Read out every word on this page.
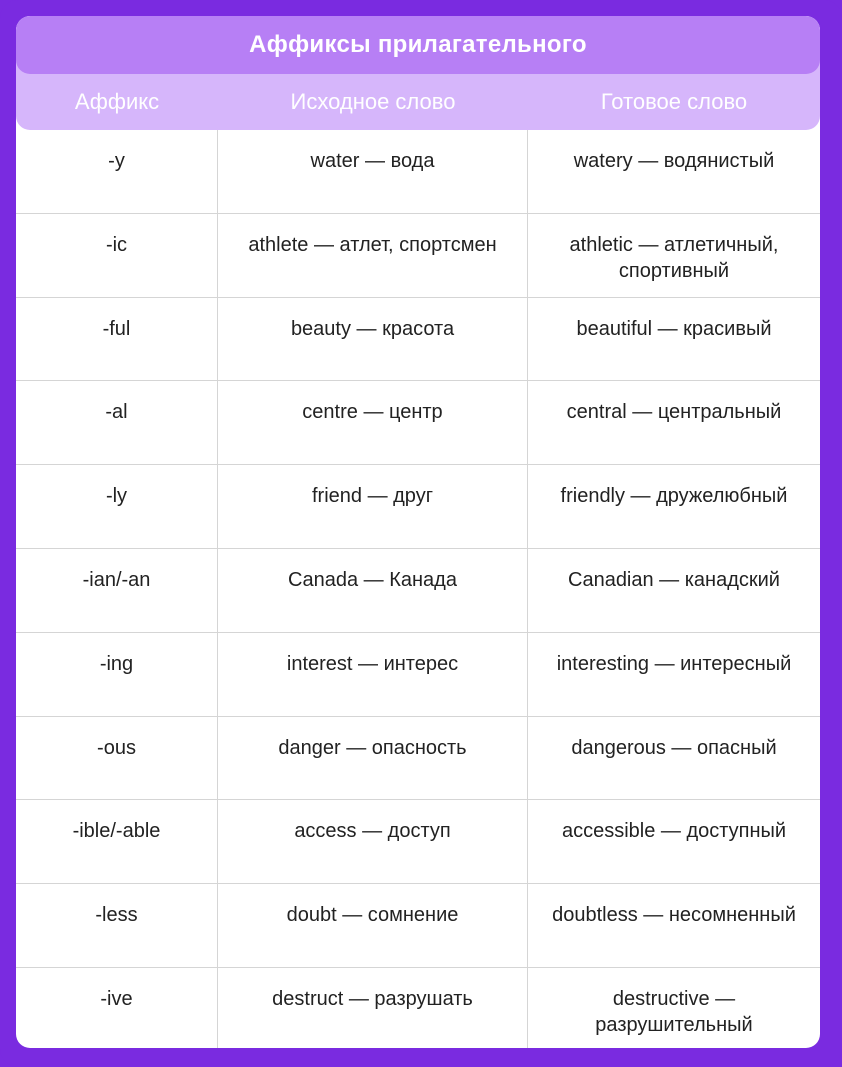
Аффиксы прилагательного
Аффикс	Исходное слово	Готовое слово
-y	water — вода	watery — водянистый
-ic	athlete — атлет, спортсмен	athletic — атлетичный, спортивный
-ful	beauty — красота	beautiful — красивый
-al	centre — центр	central — центральный
-ly	friend — друг	friendly — дружелюбный
-ian/-an	Canada — Канада	Canadian — канадский
-ing	interest — интерес	interesting — интересный
-ous	danger — опасность	dangerous — опасный
-ible/-able	access — доступ	accessible — доступный
-less	doubt — сомнение	doubtless — несомненный
-ive	destruct — разрушать	destructive — разрушительный
